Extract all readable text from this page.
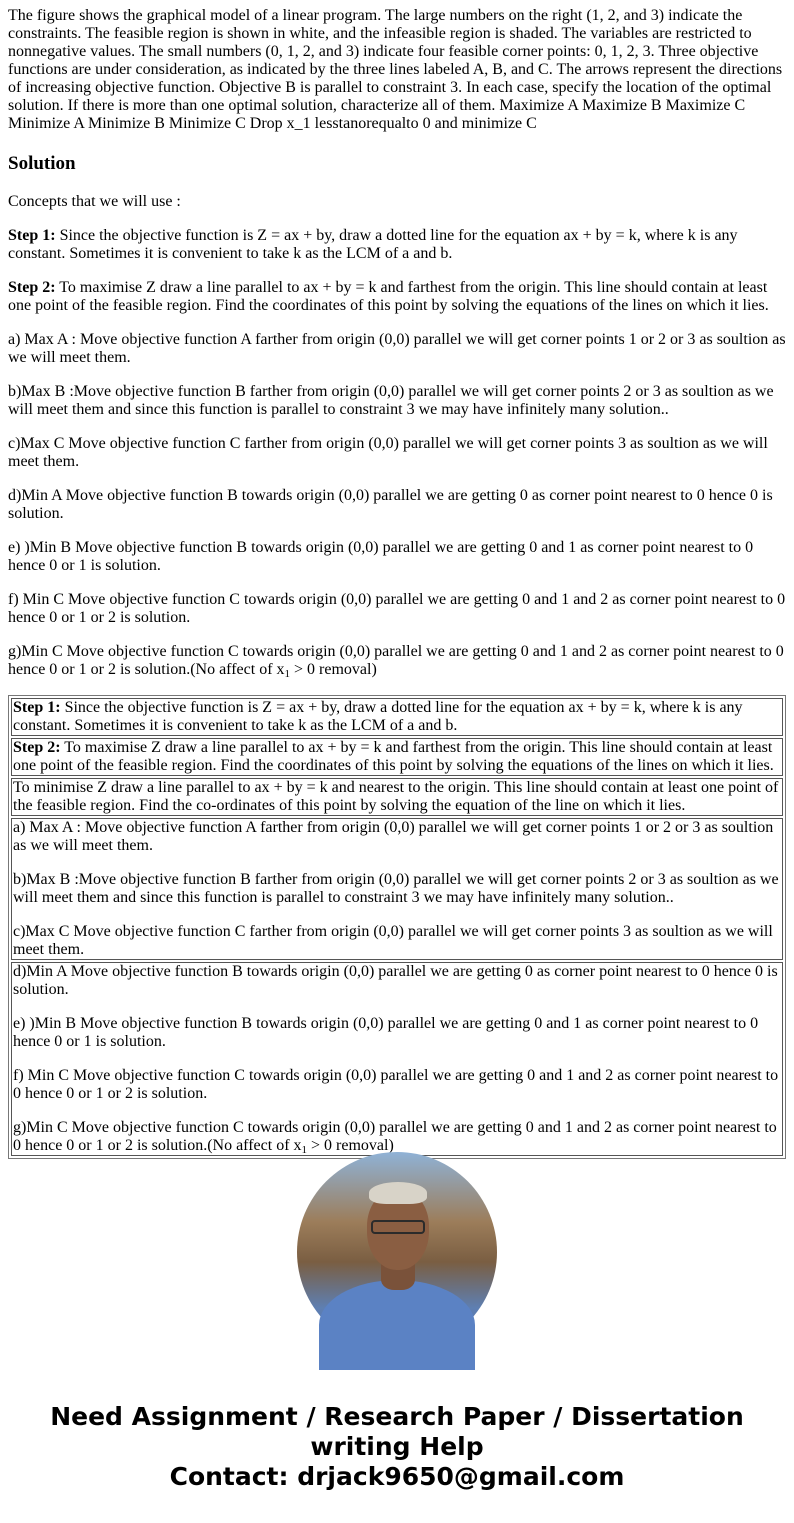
The figure shows the graphical model of a linear program. The large numbers on the right (1, 2, and 3) indicate the constraints. The feasible region is shown in white, and the infeasible region is shaded. The variables are restricted to nonnegative values. The small numbers (0, 1, 2, and 3) indicate four feasible corner points: 0, 1, 2, 3. Three objective functions are under consideration, as indicated by the three lines labeled A, B, and C. The arrows represent the directions of increasing objective function. Objective B is parallel to constraint 3. In each case, specify the location of the optimal solution. If there is more than one optimal solution, characterize all of them. Maximize A Maximize B Maximize C Minimize A Minimize B Minimize C Drop x_1 lesstanorequalto 0 and minimize C

Solution

Concepts that we will use :

Step 1: Since the objective function is Z = ax + by, draw a dotted line for the equation ax + by = k, where k is any constant. Sometimes it is convenient to take k as the LCM of a and b.

Step 2: To maximise Z draw a line parallel to ax + by = k and farthest from the origin. This line should contain at least one point of the feasible region. Find the coordinates of this point by solving the equations of the lines on which it lies.

a) Max A : Move objective function A farther from origin (0,0) parallel we will get corner points 1 or 2 or 3 as soultion as we will meet them.

b)Max B :Move objective function B farther from origin (0,0) parallel we will get corner points 2 or 3 as soultion as we will meet them and since this function is parallel to constraint 3 we may have infinitely many solution..

c)Max C Move objective function C farther from origin (0,0) parallel we will get corner points 3 as soultion as we will meet them.

d)Min A Move objective function B towards origin (0,0) parallel we are getting 0 as corner point nearest to 0 hence 0 is solution.

e) )Min B Move objective function B towards origin (0,0) parallel we are getting 0 and 1 as corner point nearest to 0 hence 0 or 1 is solution.

f) Min C Move objective function C towards origin (0,0) parallel we are getting 0 and 1 and 2 as corner point nearest to 0 hence 0 or 1 or 2 is solution.

g)Min C Move objective function C towards origin (0,0) parallel we are getting 0 and 1 and 2 as corner point nearest to 0 hence 0 or 1 or 2 is solution.(No affect of $x_1 > 0$ removal)

Step 1: Since the objective function is Z = ax + by, draw a dotted line for the equation ax + by = k, where k is any constant. Sometimes it is convenient to take k as the LCM of a and b.
Step 2: To maximise Z draw a line parallel to ax + by = k and farthest from the origin. This line should contain at least one point of the feasible region. Find the coordinates of this point by solving the equations of the lines on which it lies.
To minimise Z draw a line parallel to ax + by = k and nearest to the origin. This line should contain at least one point of the feasible region. Find the co-ordinates of this point by solving the equation of the line on which it lies.

a) Max A : Move objective function A farther from origin (0,0) parallel we will get corner points 1 or 2 or 3 as soultion as we will meet them.

b)Max B :Move objective function B farther from origin (0,0) parallel we will get corner points 2 or 3 as soultion as we will meet them and since this function is parallel to constraint 3 we may have infinitely many solution..

c)Max C Move objective function C farther from origin (0,0) parallel we will get corner points 3 as soultion as we will meet them.

d)Min A Move objective function B towards origin (0,0) parallel we are getting 0 as corner point nearest to 0 hence 0 is solution.

e) )Min B Move objective function B towards origin (0,0) parallel we are getting 0 and 1 as corner point nearest to 0 hence 0 or 1 is solution.

f) Min C Move objective function C towards origin (0,0) parallel we are getting 0 and 1 and 2 as corner point nearest to 0 hence 0 or 1 or 2 is solution.

g)Min C Move objective function C towards origin (0,0) parallel we are getting 0 and 1 and 2 as corner point nearest to 0 hence 0 or 1 or 2 is solution.(No affect of $x_1 > 0$ removal)

Need Assignment / Research Paper / Dissertation
writing Help
Contact: drjack9650@gmail.com
